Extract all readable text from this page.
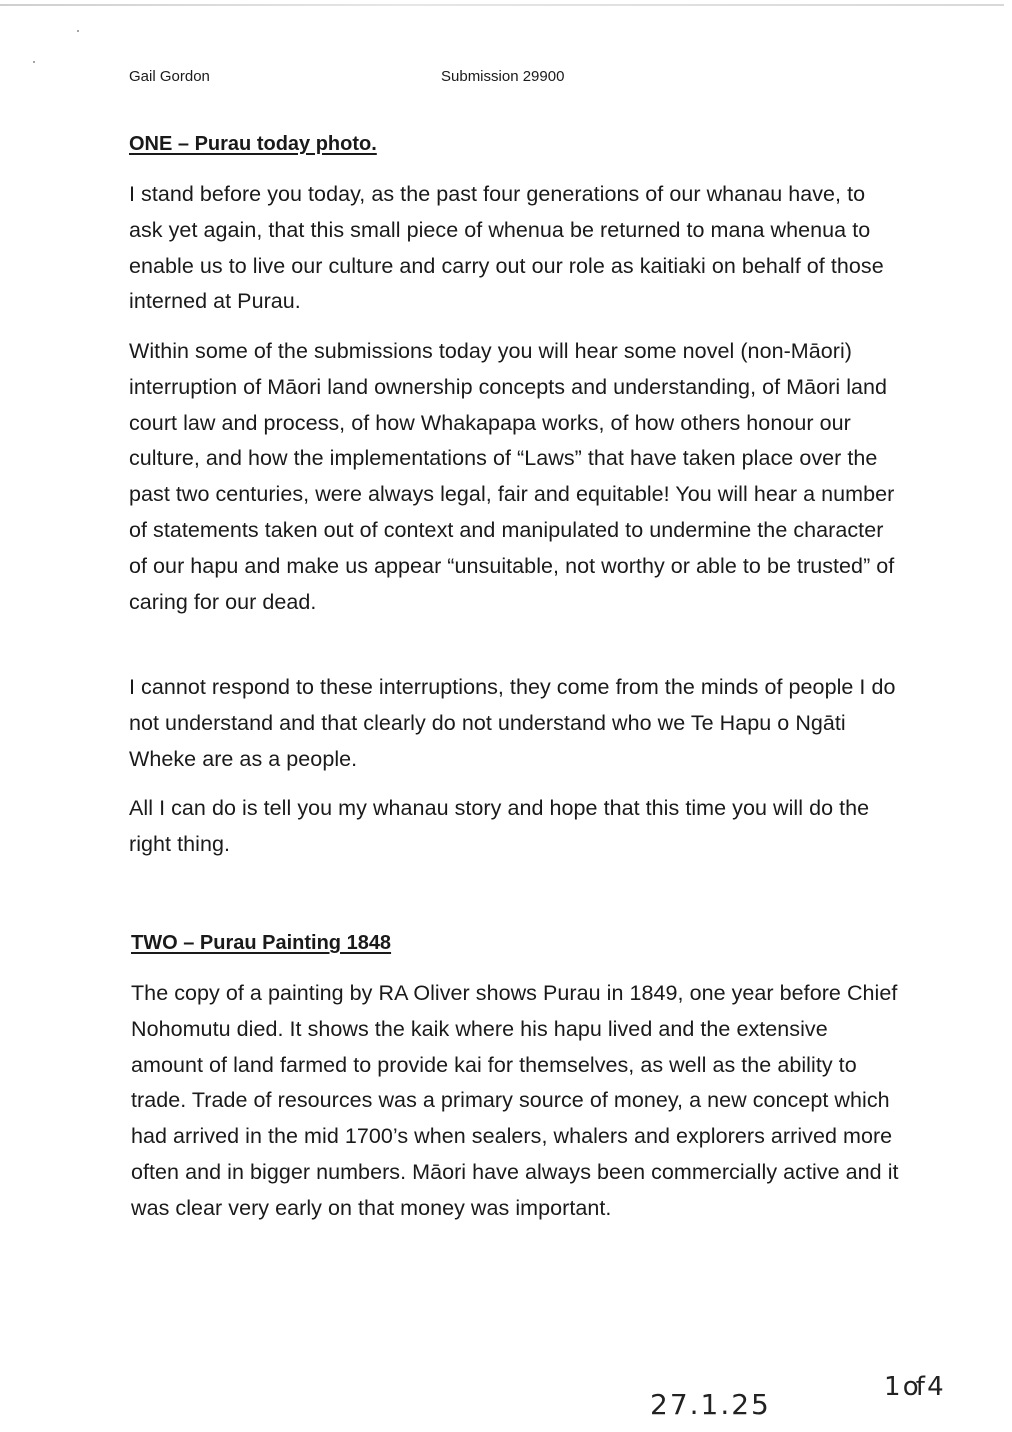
Gail Gordon	Submission 29900
ONE – Purau today photo.

I stand before you today, as the past four generations of our whanau have, to ask yet again, that this small piece of whenua be returned to mana whenua to enable us to live our culture and carry out our role as kaitiaki on behalf of those interned at Purau.

Within some of the submissions today you will hear some novel (non-Māori) interruption of Māori land ownership concepts and understanding, of Māori land court law and process, of how Whakapapa works, of how others honour our culture, and how the implementations of “Laws” that have taken place over the past two centuries, were always legal, fair and equitable! You will hear a number of statements taken out of context and manipulated to undermine the character of our hapu and make us appear “unsuitable, not worthy or able to be trusted” of caring for our dead.

I cannot respond to these interruptions, they come from the minds of people I do not understand and that clearly do not understand who we Te Hapu o Ngāti Wheke are as a people.

All I can do is tell you my whanau story and hope that this time you will do the right thing.

TWO – Purau Painting 1848

The copy of a painting by RA Oliver shows Purau in 1849, one year before Chief Nohomutu died. It shows the kaik where his hapu lived and the extensive amount of land farmed to provide kai for themselves, as well as the ability to trade. Trade of resources was a primary source of money, a new concept which had arrived in the mid 1700’s when sealers, whalers and explorers arrived more often and in bigger numbers. Māori have always been commercially active and it was clear very early on that money was important.

27.1.25
1 of 4
